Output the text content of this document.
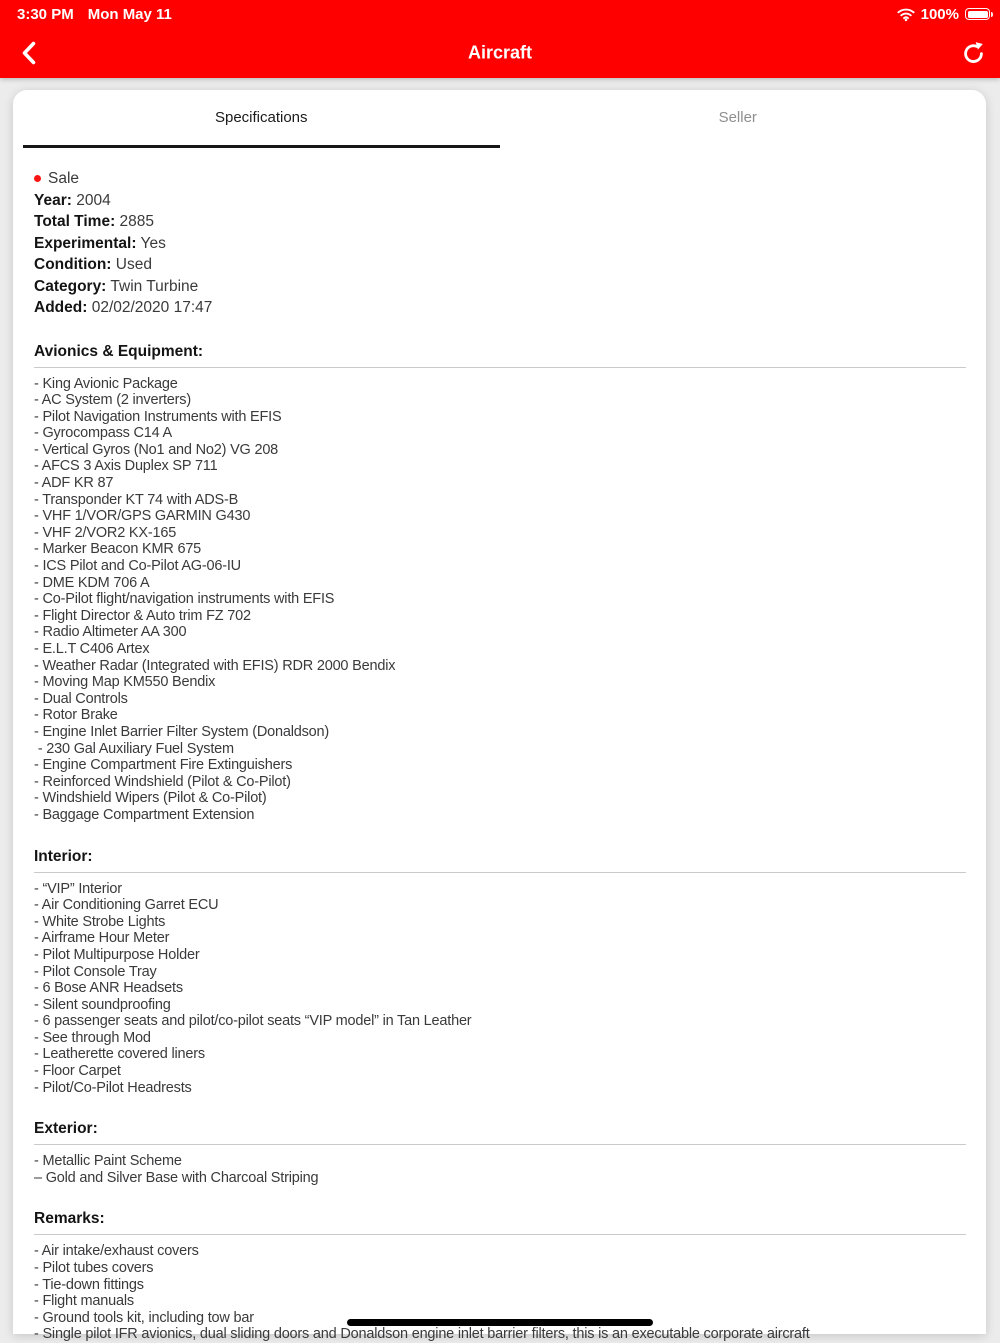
3:30 PM Mon May 11	100%
Aircraft
Specifications	Seller
Sale
Year: 2004
Total Time: 2885
Experimental: Yes
Condition: Used
Category: Twin Turbine
Added: 02/02/2020 17:47
Avionics & Equipment:
- King Avionic Package
- AC System (2 inverters)
- Pilot Navigation Instruments with EFIS
- Gyrocompass C14 A
- Vertical Gyros (No1 and No2) VG 208
- AFCS 3 Axis Duplex SP 711
- ADF KR 87
- Transponder KT 74 with ADS-B
- VHF 1/VOR/GPS GARMIN G430
- VHF 2/VOR2 KX-165
- Marker Beacon KMR 675
- ICS Pilot and Co-Pilot AG-06-IU
- DME KDM 706 A
- Co-Pilot flight/navigation instruments with EFIS
- Flight Director & Auto trim FZ 702
- Radio Altimeter AA 300
- E.L.T C406 Artex
- Weather Radar (Integrated with EFIS) RDR 2000 Bendix
- Moving Map KM550 Bendix
- Dual Controls
- Rotor Brake
- Engine Inlet Barrier Filter System (Donaldson)
- 230 Gal Auxiliary Fuel System
- Engine Compartment Fire Extinguishers
- Reinforced Windshield (Pilot & Co-Pilot)
- Windshield Wipers (Pilot & Co-Pilot)
- Baggage Compartment Extension
Interior:
- “VIP” Interior
- Air Conditioning Garret ECU
- White Strobe Lights
- Airframe Hour Meter
- Pilot Multipurpose Holder
- Pilot Console Tray
- 6 Bose ANR Headsets
- Silent soundproofing
- 6 passenger seats and pilot/co-pilot seats “VIP model” in Tan Leather
- See through Mod
- Leatherette covered liners
- Floor Carpet
- Pilot/Co-Pilot Headrests
Exterior:
- Metallic Paint Scheme
– Gold and Silver Base with Charcoal Striping
Remarks:
- Air intake/exhaust covers
- Pilot tubes covers
- Tie-down fittings
- Flight manuals
- Ground tools kit, including tow bar
- Single pilot IFR avionics, dual sliding doors and Donaldson engine inlet barrier filters, this is an executable corporate aircraft
